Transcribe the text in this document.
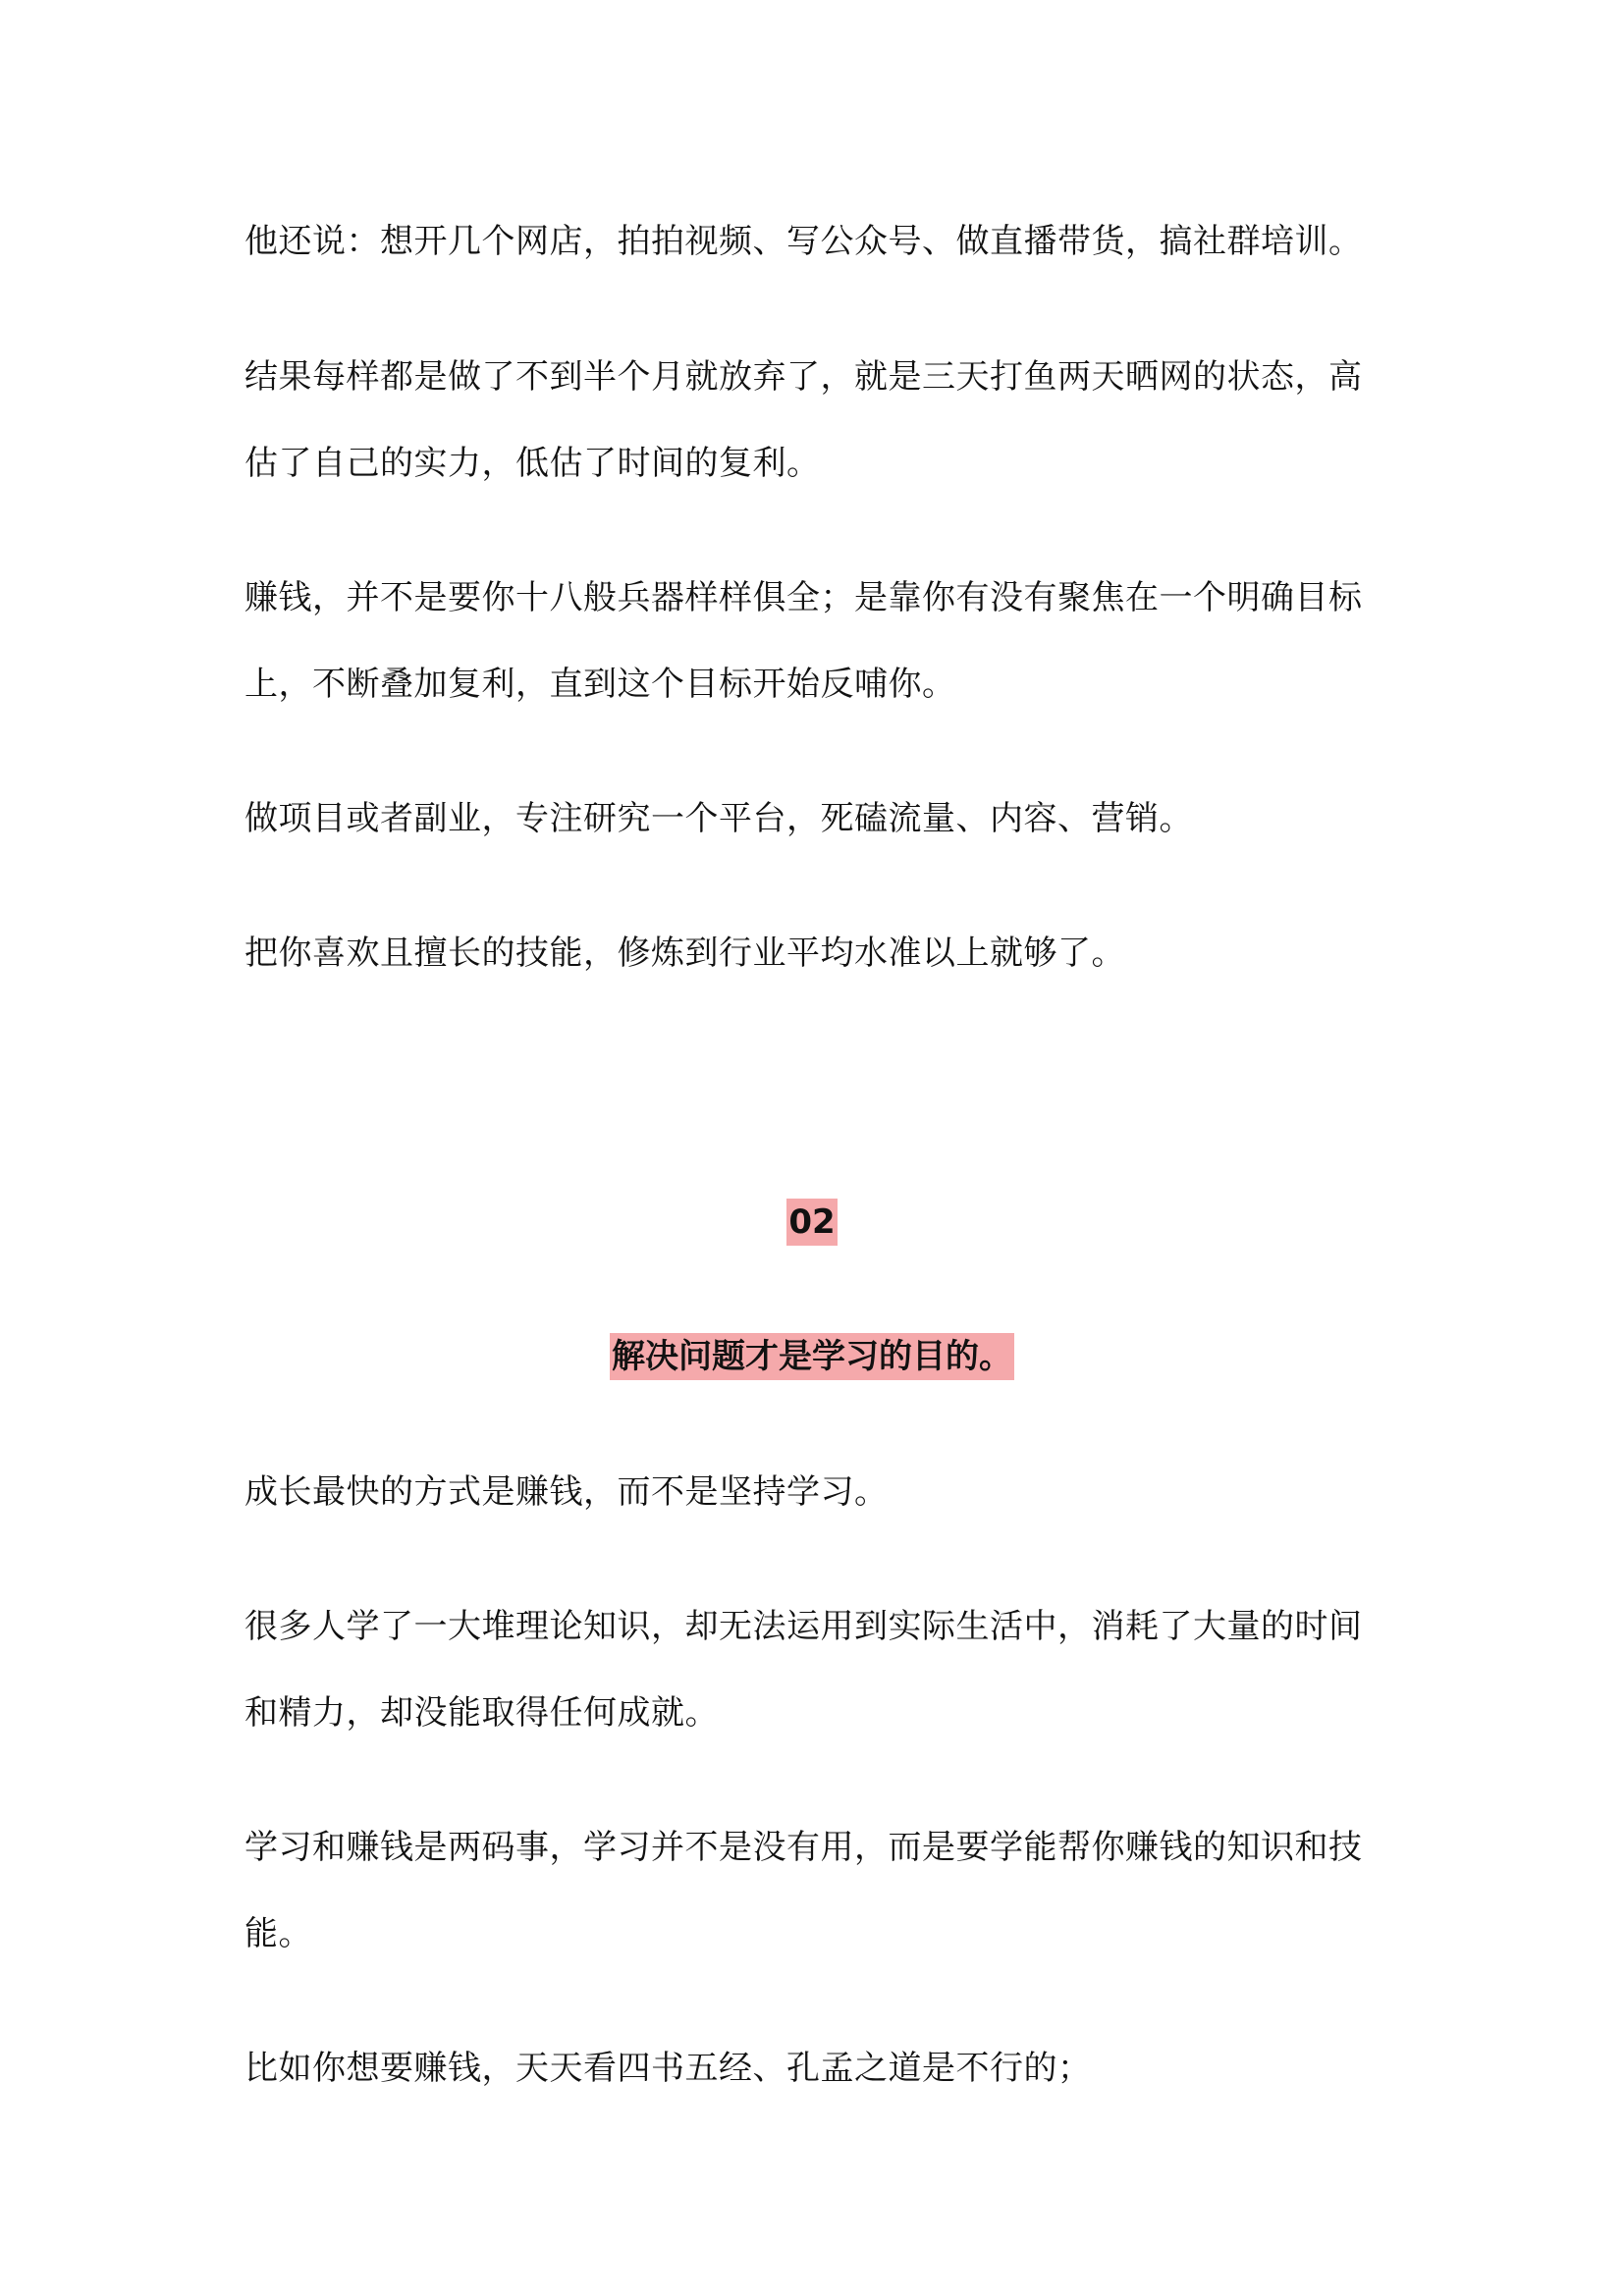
他还说：想开几个网店，拍拍视频、写公众号、做直播带货，搞社群培训。

结果每样都是做了不到半个月就放弃了，就是三天打鱼两天晒网的状态，高估了自己的实力，低估了时间的复利。

赚钱，并不是要你十八般兵器样样俱全；是靠你有没有聚焦在一个明确目标上，不断叠加复利，直到这个目标开始反哺你。

做项目或者副业，专注研究一个平台，死磕流量、内容、营销。

把你喜欢且擅长的技能，修炼到行业平均水准以上就够了。

02

解决问题才是学习的目的。

成长最快的方式是赚钱，而不是坚持学习。

很多人学了一大堆理论知识，却无法运用到实际生活中，消耗了大量的时间和精力，却没能取得任何成就。

学习和赚钱是两码事，学习并不是没有用，而是要学能帮你赚钱的知识和技能。

比如你想要赚钱，天天看四书五经、孔孟之道是不行的；
